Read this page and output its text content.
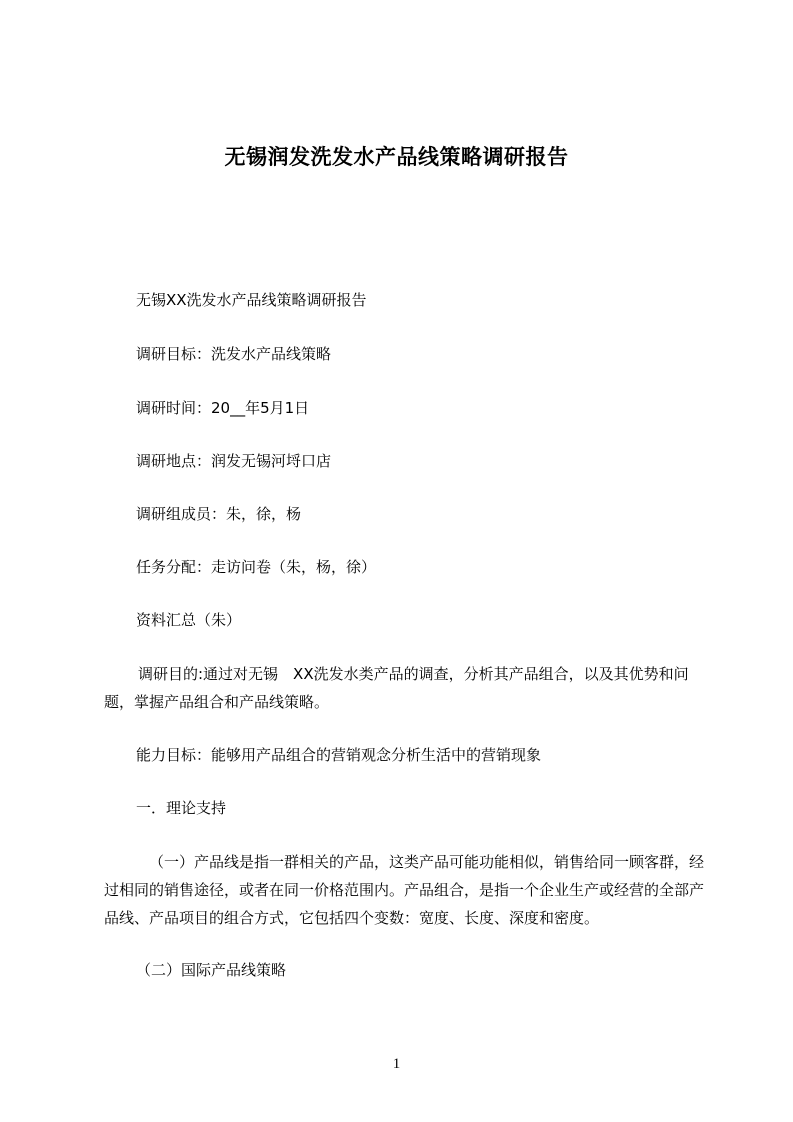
无锡润发洗发水产品线策略调研报告

无锡XX洗发水产品线策略调研报告

调研目标：洗发水产品线策略

调研时间：20__年5月1日

调研地点：润发无锡河埒口店

调研组成员：朱，徐，杨

任务分配：走访问卷（朱，杨，徐）

资料汇总（朱）

调研目的:通过对无锡　XX洗发水类产品的调查，分析其产品组合，以及其优势和问题，掌握产品组合和产品线策略。

能力目标：能够用产品组合的营销观念分析生活中的营销现象

一．理论支持

（一）产品线是指一群相关的产品，这类产品可能功能相似，销售给同一顾客群，经过相同的销售途径，或者在同一价格范围内。产品组合，是指一个企业生产或经营的全部产品线、产品项目的组合方式，它包括四个变数：宽度、长度、深度和密度。

（二）国际产品线策略

1
